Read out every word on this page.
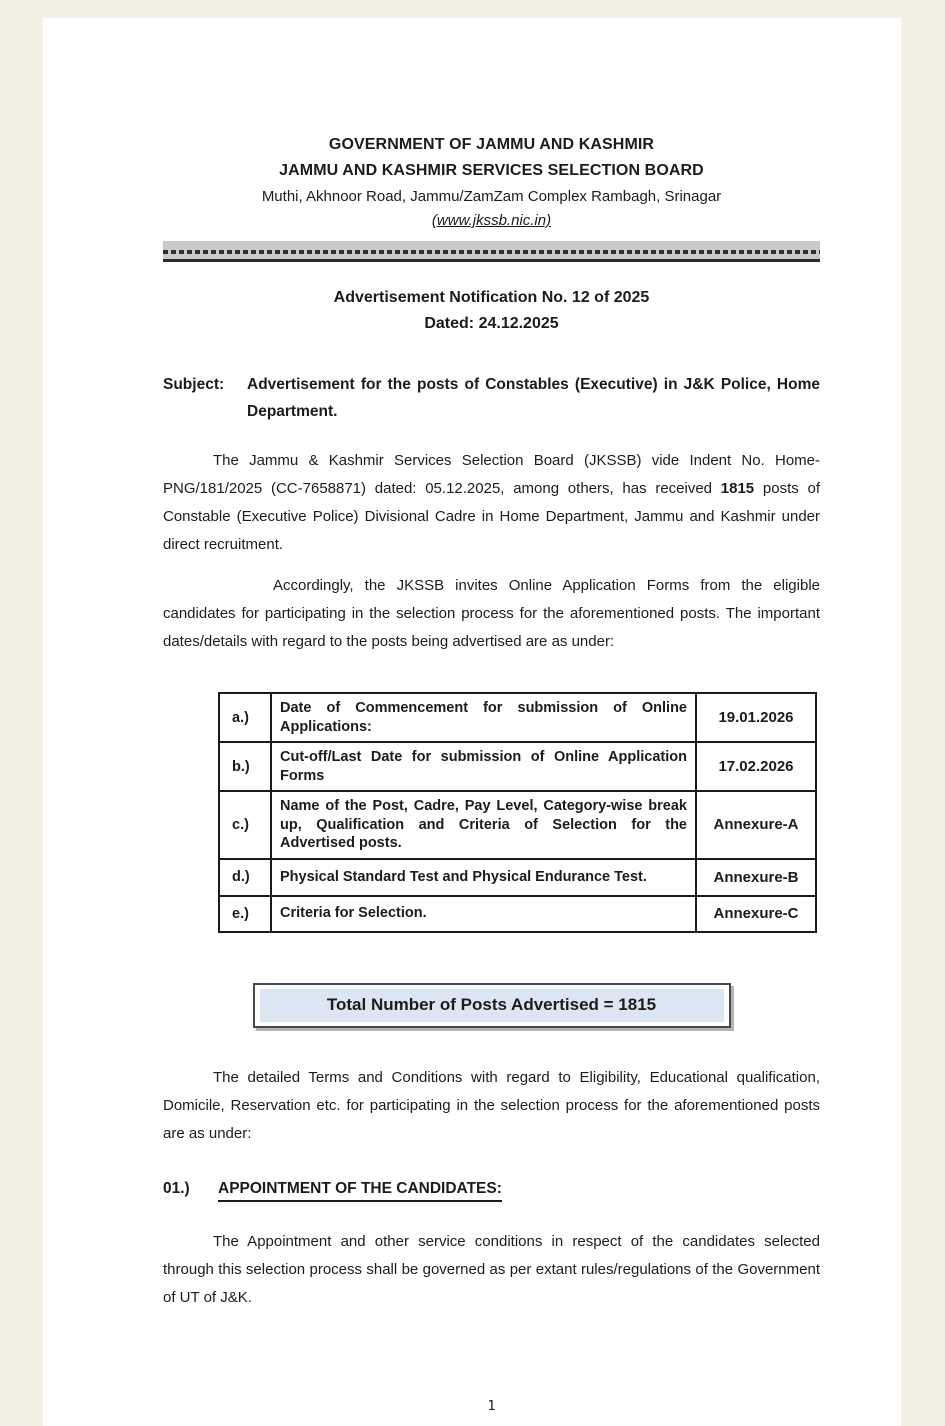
GOVERNMENT OF JAMMU AND KASHMIR
JAMMU AND KASHMIR SERVICES SELECTION BOARD
Muthi, Akhnoor Road, Jammu/ZamZam Complex Rambagh, Srinagar
(www.jkssb.nic.in)
Advertisement Notification No. 12 of 2025
Dated: 24.12.2025
Subject:	Advertisement for the posts of Constables (Executive) in J&K Police, Home Department.

The Jammu & Kashmir Services Selection Board (JKSSB) vide Indent No. Home-PNG/181/2025 (CC-7658871) dated: 05.12.2025, among others, has received 1815 posts of Constable (Executive Police) Divisional Cadre in Home Department, Jammu and Kashmir under direct recruitment.

Accordingly, the JKSSB invites Online Application Forms from the eligible candidates for participating in the selection process for the aforementioned posts. The important dates/details with regard to the posts being advertised are as under:

a.)	Date of Commencement for submission of Online Applications:	19.01.2026
b.)	Cut-off/Last Date for submission of Online Application Forms	17.02.2026
c.)	Name of the Post, Cadre, Pay Level, Category-wise break up, Qualification and Criteria of Selection for the Advertised posts.	Annexure-A
d.)	Physical Standard Test and Physical Endurance Test.	Annexure-B
e.)	Criteria for Selection.	Annexure-C
Total Number of Posts Advertised = 1815

The detailed Terms and Conditions with regard to Eligibility, Educational qualification, Domicile, Reservation etc. for participating in the selection process for the aforementioned posts are as under:

01.)	APPOINTMENT OF THE CANDIDATES:

The Appointment and other service conditions in respect of the candidates selected through this selection process shall be governed as per extant rules/regulations of the Government of UT of J&K.

1
